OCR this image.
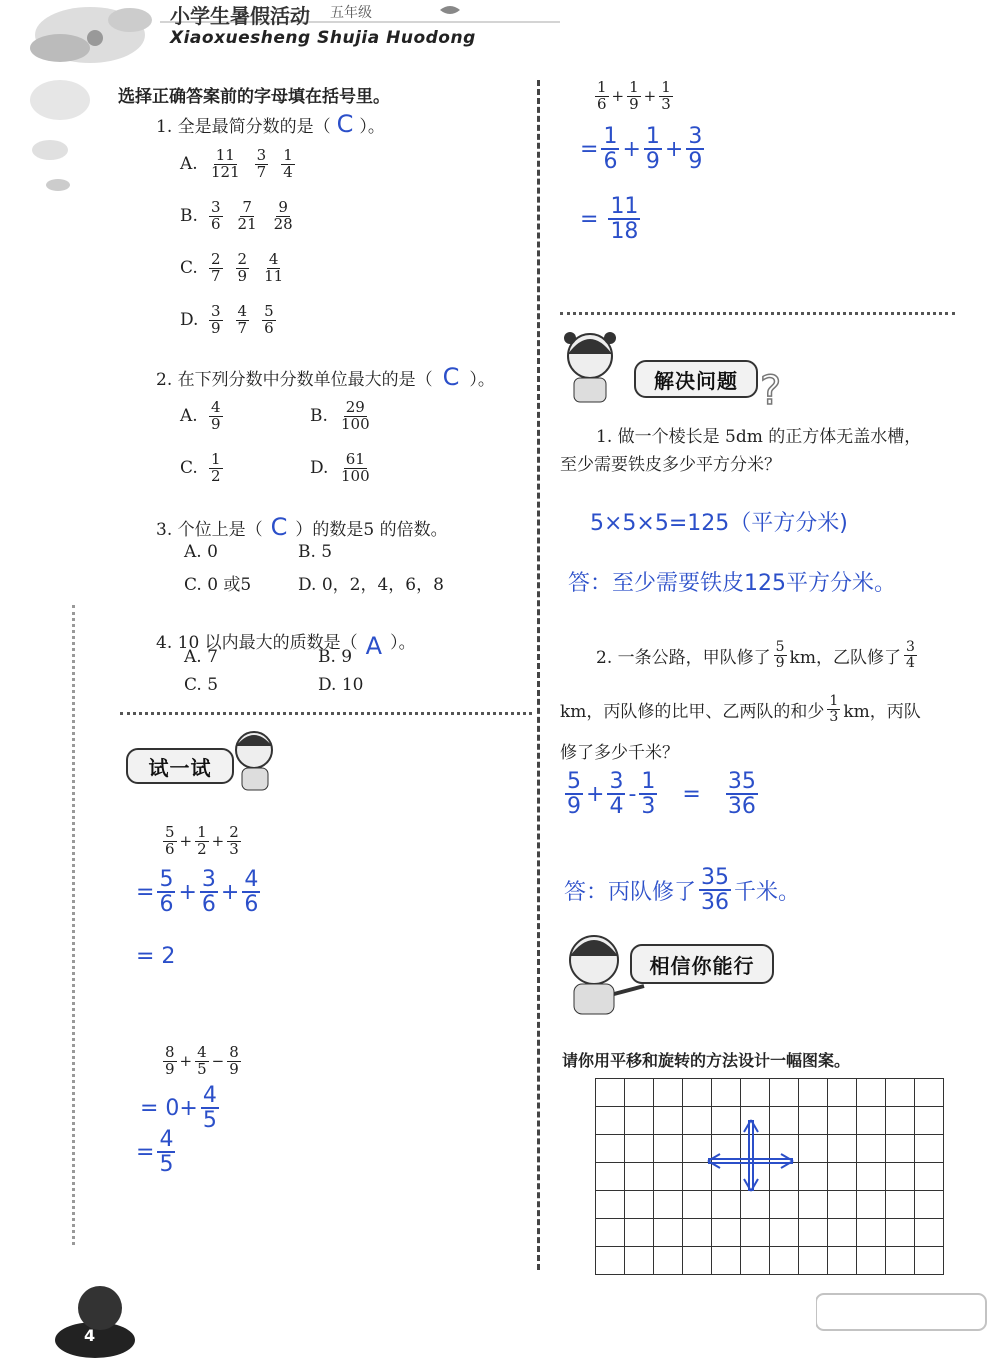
小学生暑假活动 五年级
Xiaoxuesheng Shujia Huodong
选择正确答案前的字母填在括号里。
1. 全是最简分数的是（ C ）。
A. $\frac{11}{121} \frac{3}{7} \frac{1}{4}$
B. $\frac{3}{6} \frac{7}{21} \frac{9}{28}$
C. $\frac{2}{7} \frac{2}{9} \frac{4}{11}$
D. $\frac{3}{9} \frac{4}{7} \frac{5}{6}$
2. 在下列分数中分数单位最大的是（ C ）。
A. $\frac{4}{9}$	B. $\frac{29}{100}$
C. $\frac{1}{2}$	D. $\frac{61}{100}$
3. 个位上是（ C ）的数是5 的倍数。
A. 0	B. 5
C. 0 或5	D. 0，2，4，6，8
4. 10 以内最大的质数是（ A ）。
A. 7	B. 9
C. 5	D. 10
试一试
$\frac{5}{6} + \frac{1}{2} + \frac{2}{3}$
= $\frac{5}{6} + \frac{3}{6} + \frac{4}{6}$
= 2
$\frac{8}{9} + \frac{4}{5} - \frac{8}{9}$
= $0+ \frac{4}{5}$
= $\frac{4}{5}$
4
$\frac{1}{6} + \frac{1}{9} + \frac{1}{3}$
= $\frac{1}{6} + \frac{1}{9} + \frac{3}{9}$
= $\frac{11}{18}$
解决问题 ?
1. 做一个棱长是 5dm 的正方体无盖水槽，
至少需要铁皮多少平方分米？
5×5×5=125（平方分米)
答：至少需要铁皮125平方分米。
2. 一条公路，甲队修了 $\frac{5}{9}$ km，乙队修了 $\frac{3}{4}$
km，丙队修的比甲、乙两队的和少 $\frac{1}{3}$ km，丙队
修了多少千米？
$\frac{5}{9} + \frac{3}{4} - \frac{1}{3} = \frac{35}{36}$
答：丙队修了 $\frac{35}{36}$ 千米。
相信你能行
请你用平移和旋转的方法设计一幅图案。
